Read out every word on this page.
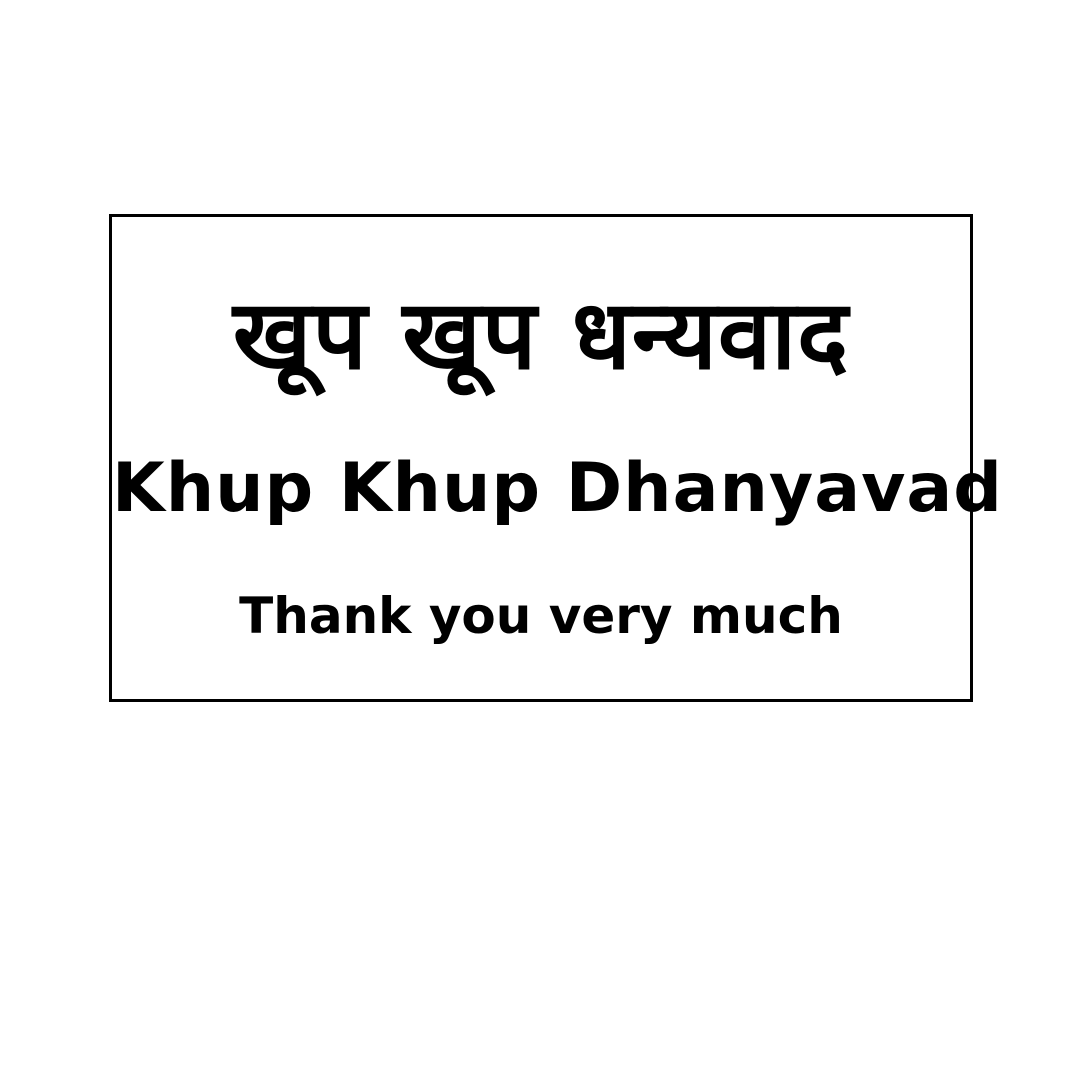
खूप खूप धन्यवाद
Khup Khup Dhanyavad
Thank you very much
